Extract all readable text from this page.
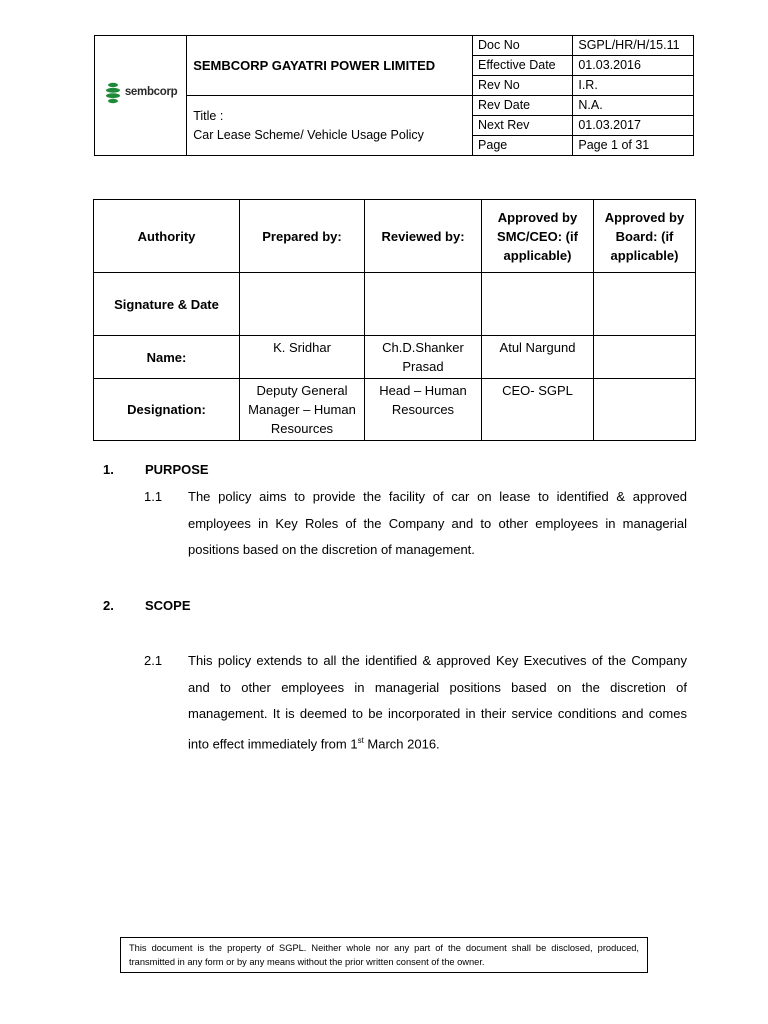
sembcorp	SEMBCORP GAYATRI POWER LIMITED	Doc No	SGPL/HR/H/15.11
		Effective Date	01.03.2016
		Rev No	I.R.

	Title :
Car Lease Scheme/ Vehicle Usage Policy	Rev Date	N.A.
		Next Rev	01.03.2017
		Page	Page 1 of 31
Authority	Prepared by:	Reviewed by:	Approved by SMC/CEO: (if applicable)	Approved by Board: (if applicable)
Signature & Date				
Name:	K. Sridhar	Ch.D.Shanker Prasad	Atul Nargund	
Designation:	Deputy General Manager – Human Resources	Head – Human Resources	CEO- SGPL	
1. PURPOSE
1.1	The policy aims to provide the facility of car on lease to identified & approved employees in Key Roles of the Company and to other employees in managerial positions based on the discretion of management.
2. SCOPE
2.1	This policy extends to all the identified & approved Key Executives of the Company and to other employees in managerial positions based on the discretion of management. It is deemed to be incorporated in their service conditions and comes into effect immediately from 1st March 2016.
This document is the property of SGPL. Neither whole nor any part of the document shall be disclosed, produced, transmitted in any form or by any means without the prior written consent of the owner.
